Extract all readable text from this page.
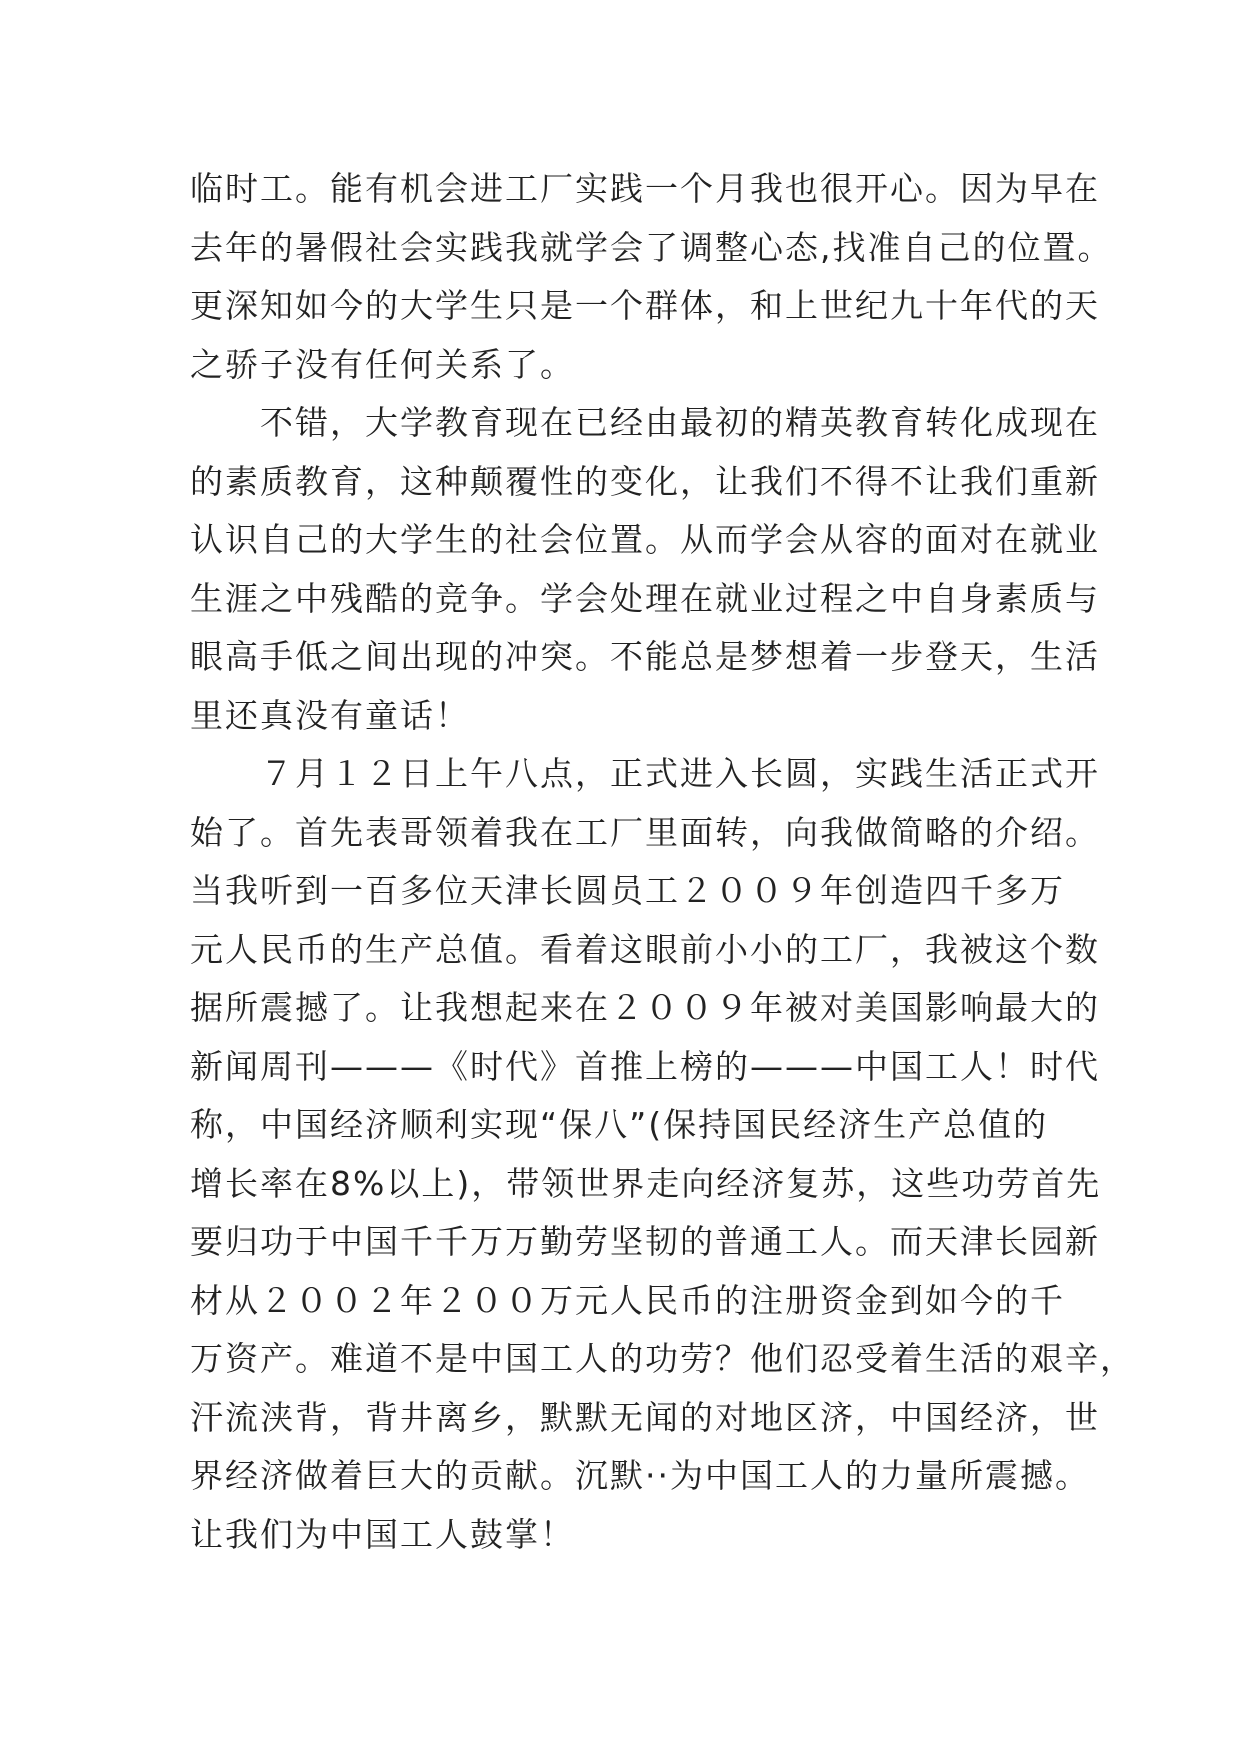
临时工。能有机会进工厂实践一个月我也很开心。因为早在
去年的暑假社会实践我就学会了调整心态,找准自己的位置。
更深知如今的大学生只是一个群体，和上世纪九十年代的天
之骄子没有任何关系了。
　　不错，大学教育现在已经由最初的精英教育转化成现在
的素质教育，这种颠覆性的变化，让我们不得不让我们重新
认识自己的大学生的社会位置。从而学会从容的面对在就业
生涯之中残酷的竞争。学会处理在就业过程之中自身素质与
眼高手低之间出现的冲突。不能总是梦想着一步登天，生活
里还真没有童话！
　　７月１２日上午八点，正式进入长圆，实践生活正式开
始了。首先表哥领着我在工厂里面转，向我做简略的介绍。
当我听到一百多位天津长圆员工２００９年创造四千多万
元人民币的生产总值。看着这眼前小小的工厂，我被这个数
据所震撼了。让我想起来在２００９年被对美国影响最大的
新闻周刊———《时代》首推上榜的———中国工人！时代
称，中国经济顺利实现“保八”(保持国民经济生产总值的
增长率在8%以上)，带领世界走向经济复苏，这些功劳首先
要归功于中国千千万万勤劳坚韧的普通工人。而天津长园新
材从２００２年２００万元人民币的注册资金到如今的千
万资产。难道不是中国工人的功劳？他们忍受着生活的艰辛，
汗流浃背，背井离乡，默默无闻的对地区济，中国经济，世
界经济做着巨大的贡献。沉默··为中国工人的力量所震撼。
让我们为中国工人鼓掌！
